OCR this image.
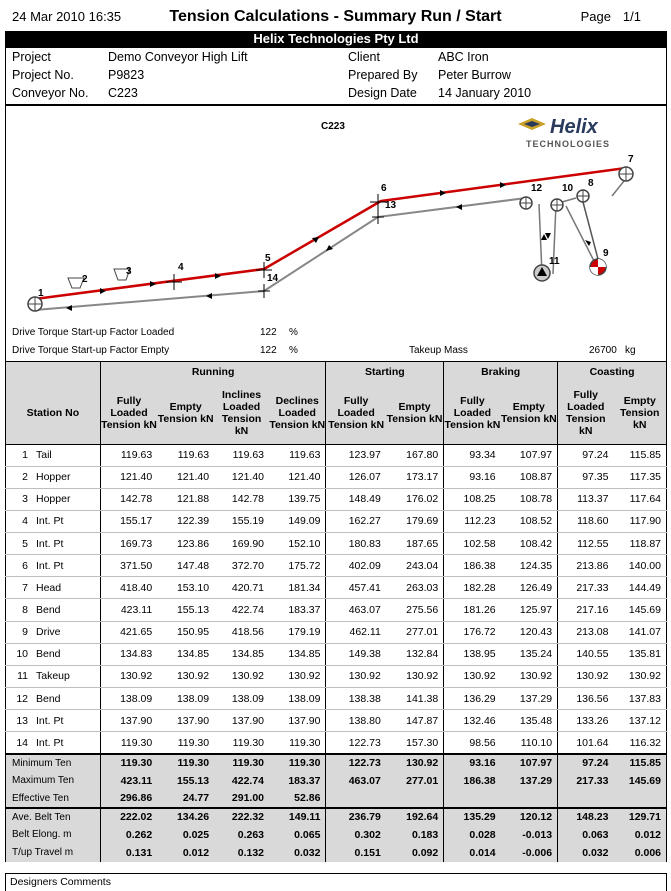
24 Mar 2010 16:35	Tension Calculations - Summary Run / Start	Page 1/1
Helix Technologies Pty Ltd
Project	Demo Conveyor High Lift
Project No.	P9823
Conveyor No. C223
Client	ABC Iron
Prepared By Peter Burrow
Design Date 14 January 2010
C223	Helix
TECHNOLOGIES
1
2
3	4
5
6
7
8
9
10
11
12
13
14
Drive Torque Start-up Factor Loaded	122 %
Drive Torque Start-up Factor Empty	122 %	Takeup Mass	26700 kg
Station No	Running				Starting		Braking		Coasting	
	Fully Loaded Tension kN	Empty Tension kN	Inclines Loaded Tension kN	Declines Loaded Tension kN	Fully Loaded Tension kN	Empty Tension kN	Fully Loaded Tension kN	Empty Tension kN	Fully Loaded Tension kN	Empty Tension kN
1 Tail	119.63	119.63	119.63	119.63	123.97	167.80	93.34	107.97	97.24	115.85
2 Hopper	121.40	121.40	121.40	121.40	126.07	173.17	93.16	108.87	97.35	117.35
3 Hopper	142.78	121.88	142.78	139.75	148.49	176.02	108.25	108.78	113.37	117.64
4 Int. Pt	155.17	122.39	155.19	149.09	162.27	179.69	112.23	108.52	118.60	117.90
5 Int. Pt	169.73	123.86	169.90	152.10	180.83	187.65	102.58	108.42	112.55	118.87
6 Int. Pt	371.50	147.48	372.70	175.72	402.09	243.04	186.38	124.35	213.86	140.00
7 Head	418.40	153.10	420.71	181.34	457.41	263.03	182.28	126.49	217.33	144.49
8 Bend	423.11	155.13	422.74	183.37	463.07	275.56	181.26	125.97	217.16	145.69
9 Drive	421.65	150.95	418.56	179.19	462.11	277.01	176.72	120.43	213.08	141.07
10 Bend	134.83	134.85	134.85	134.85	149.38	132.84	138.95	135.24	140.55	135.81
11 Takeup	130.92	130.92	130.92	130.92	130.92	130.92	130.92	130.92	130.92	130.92
12 Bend	138.09	138.09	138.09	138.09	138.38	141.38	136.29	137.29	136.56	137.83
13 Int. Pt	137.90	137.90	137.90	137.90	138.80	147.87	132.46	135.48	133.26	137.12
14 Int. Pt	119.30	119.30	119.30	119.30	122.73	157.30	98.56	110.10	101.64	116.32
Minimum Ten	119.30	119.30	119.30	119.30	122.73	130.92	93.16	107.97	97.24	115.85
Maximum Ten	423.11	155.13	422.74	183.37	463.07	277.01	186.38	137.29	217.33	145.69
Effective Ten	296.86	24.77	291.00	52.86						
Ave. Belt Ten	222.02	134.26	222.32	149.11	236.79	192.64	135.29	120.12	148.23	129.71
Belt Elong. m	0.262	0.025	0.263	0.065	0.302	0.183	0.028	-0.013	0.063	0.012
T/up Travel m	0.131	0.012	0.132	0.032	0.151	0.092	0.014	-0.006	0.032	0.006
Designers Comments
